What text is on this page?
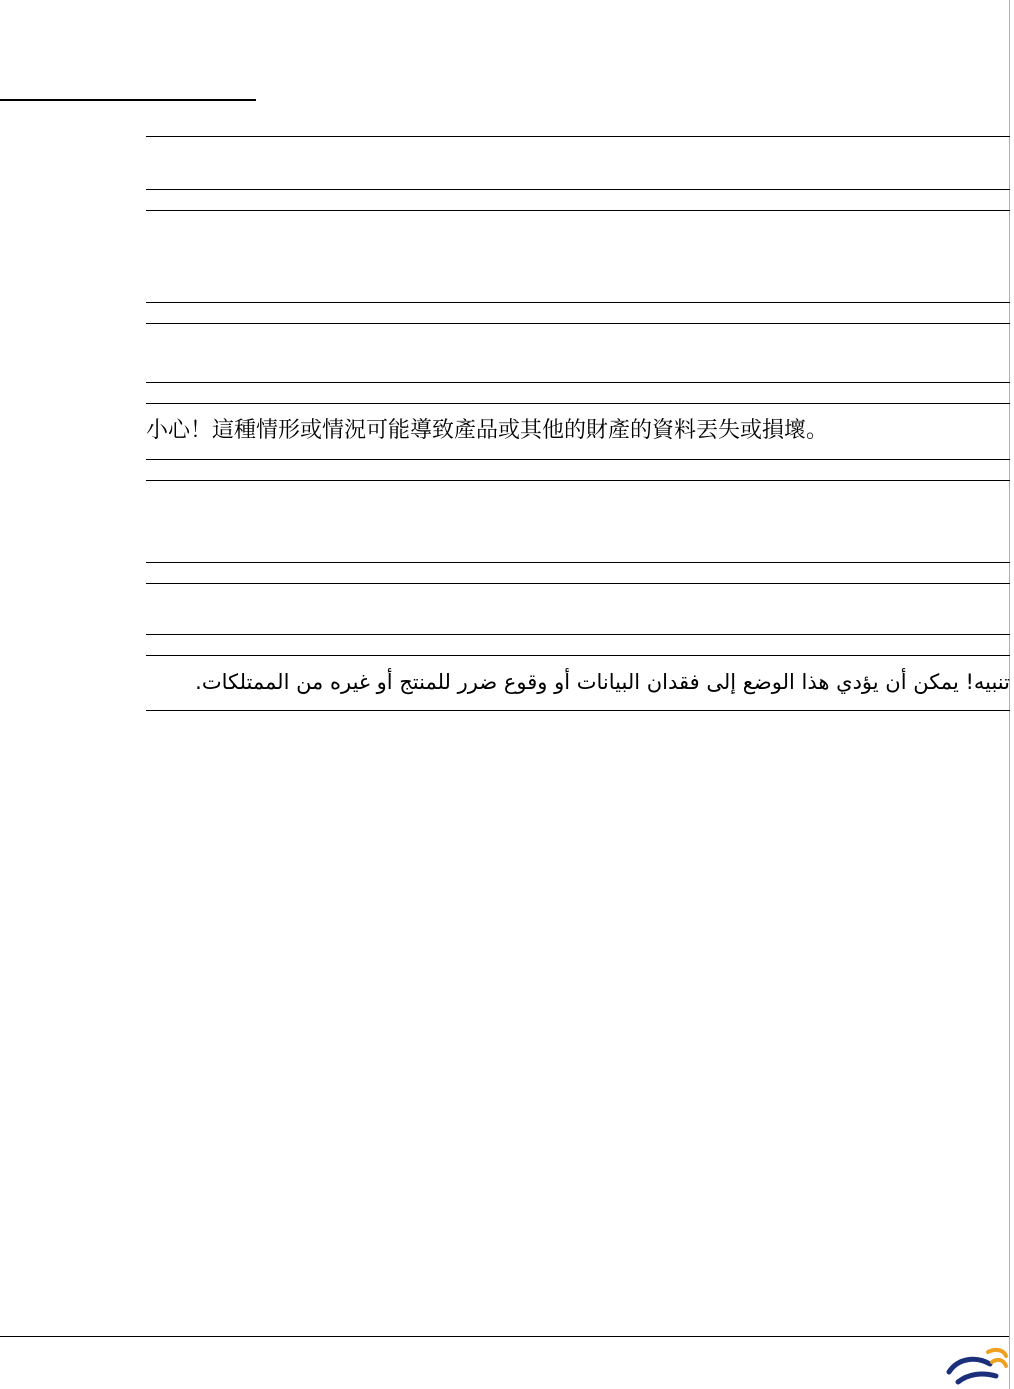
小心！這種情形或情況可能導致產品或其他的財產的資料丟失或損壞。
تنبيه! يمكن أن يؤدي هذا الوضع إلى فقدان البيانات أو وقوع ضرر للمنتج أو غيره من الممتلكات.
